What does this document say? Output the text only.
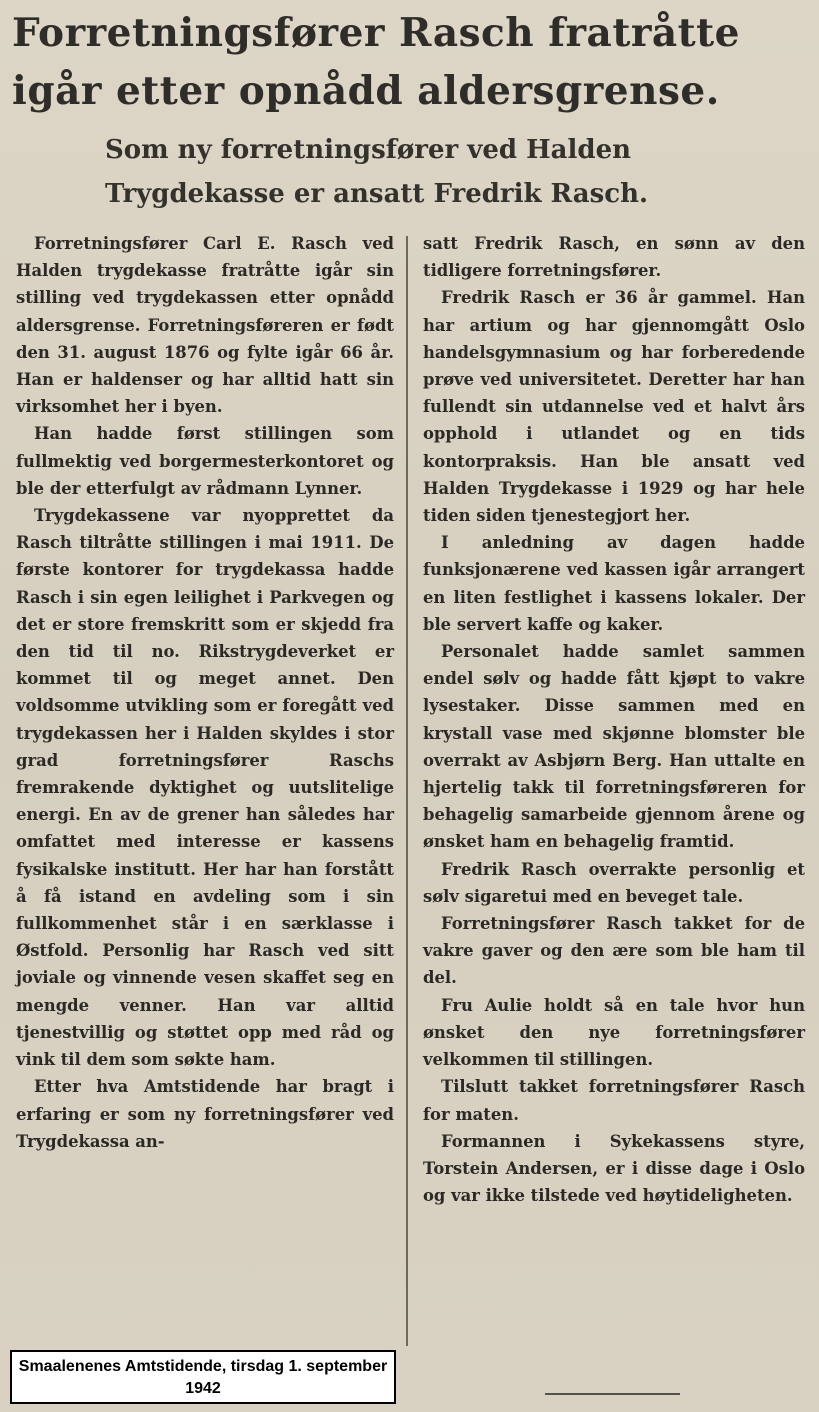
Forretningsfører Rasch fratråtte igår etter opnådd aldersgrense.
Som ny forretningsfører ved Halden Trygdekasse er ansatt Fredrik Rasch.

Forretningsfører Carl E. Rasch ved Halden trygdekasse fratråtte igår sin stilling ved trygdekassen etter opnådd aldersgrense. Forretningsføreren er født den 31. august 1876 og fylte igår 66 år. Han er haldenser og har alltid hatt sin virksomhet her i byen.

Han hadde først stillingen som fullmektig ved borgermesterkontoret og ble der etterfulgt av rådmann Lynner.

Trygdekassene var nyopprettet da Rasch tiltråtte stillingen i mai 1911. De første kontorer for trygdekassa hadde Rasch i sin egen leilighet i Parkvegen og det er store fremskritt som er skjedd fra den tid til no. Rikstrygdeverket er kommet til og meget annet. Den voldsomme utvikling som er foregått ved trygdekassen her i Halden skyldes i stor grad forretningsfører Raschs fremrakende dyktighet og uutslitelige energi. En av de grener han således har omfattet med interesse er kassens fysikalske institutt. Her har han forstått å få istand en avdeling som i sin fullkommenhet står i en særklasse i Østfold. Personlig har Rasch ved sitt joviale og vinnende vesen skaffet seg en mengde venner. Han var alltid tjenestvillig og støttet opp med råd og vink til dem som søkte ham.

Etter hva Amtstidende har bragt i erfaring er som ny forretningsfører ved Trygdekassa an-

satt Fredrik Rasch, en sønn av den tidligere forretningsfører.

Fredrik Rasch er 36 år gammel. Han har artium og har gjennomgått Oslo handelsgymnasium og har forberedende prøve ved universitetet. Deretter har han fullendt sin utdannelse ved et halvt års opphold i utlandet og en tids kontorpraksis. Han ble ansatt ved Halden Trygdekasse i 1929 og har hele tiden siden tjenestegjort her.

I anledning av dagen hadde funksjonærene ved kassen igår arrangert en liten festlighet i kassens lokaler. Der ble servert kaffe og kaker.

Personalet hadde samlet sammen endel sølv og hadde fått kjøpt to vakre lysestaker. Disse sammen med en krystall vase med skjønne blomster ble overrakt av Asbjørn Berg. Han uttalte en hjertelig takk til forretningsføreren for behagelig samarbeide gjennom årene og ønsket ham en behagelig framtid.

Fredrik Rasch overrakte personlig et sølv sigaretui med en beveget tale.

Forretningsfører Rasch takket for de vakre gaver og den ære som ble ham til del.

Fru Aulie holdt så en tale hvor hun ønsket den nye forretningsfører velkommen til stillingen.

Tilslutt takket forretningsfører Rasch for maten.

Formannen i Sykekassens styre, Torstein Andersen, er i disse dage i Oslo og var ikke tilstede ved høytideligheten.

Smaalenenes Amtstidende, tirsdag 1. september 1942
